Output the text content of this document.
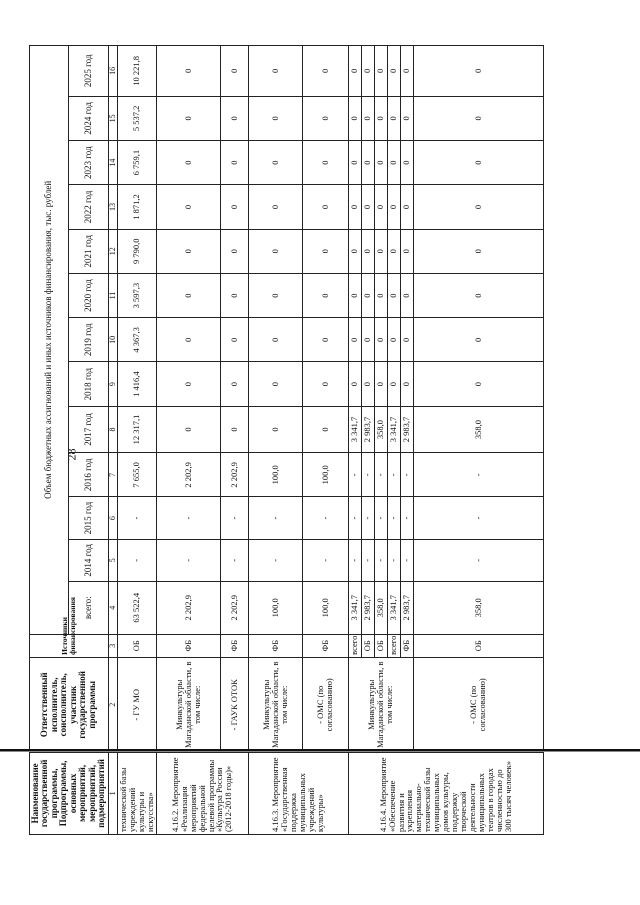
28
Наименование государственной программы, Подпрограммы, основных мероприятий, мероприятий, подмероприятий	Ответственный исполнитель, соисполнитель, участник государственной программы	Источники финансирования	Объем бюджетных ассигнований и иных источников финансирования, тыс. рублей												
			всего:	2014 год	2015 год	2016 год	2017 год	2018 год	2019 год	2020 год	2021 год	2022 год	2023 год	2024 год	2025 год
1	2	3	4	5	6	7	8	9	10	11	12	13	14	15	16
технической базы учреждений культуры и искусства»	- ГУ МО	ОБ	63 522,4	-	-	7 655,0	12 317,1	1 416,4	4 367,3	3 597,3	9 790,0	1 871,2	6 759,1	5 537,2	10 221,8
4.16.2. Мероприятие «Реализация мероприятий федеральной целевой программы «Культура России (2012-2018 годы)»	Минкультуры Магаданской области, в том числе:	ФБ	2 202,9	-	-	2 202,9	0	0	0	0	0	0	0	0	0
	- ГАУК ОТОК	ФБ	2 202,9	-	-	2 202,9	0	0	0	0	0	0	0	0	0
4.16.3. Мероприятие «Государственная поддержка муниципальных учреждений культуры»	Минкультуры Магаданской области, в том числе:	ФБ	100,0	-	-	100,0	0	0	0	0	0	0	0	0	0
	- ОМС (по согласованию)	ФБ	100,0	-	-	100,0	0	0	0	0	0	0	0	0	0
4.16.4. Мероприятие «Обеспечение развития и укрепления материально-технической базы муниципальных домов культуры, поддержку творческой деятельности муниципальных театров в городах численностью до 300 тысяч человек»	Минкультуры Магаданской области, в том числе:	всего	3 341,7	-	-	-	3 341,7	0	0	0	0	0	0	0	0
		ОБ	2 983,7	-	-	-	2 983,7	0	0	0	0	0	0	0	0
		ОБ	358,0	-	-	-	358,0	0	0	0	0	0	0	0	0
		всего	3 341,7	-	-	-	3 341,7	0	0	0	0	0	0	0	0
		ФБ	2 983,7	-	-	-	2 983,7	0	0	0	0	0	0	0	0
	- ОМС (по согласованию)	ОБ	358,0	-	-	-	358,0	0	0	0	0	0	0	0	0
